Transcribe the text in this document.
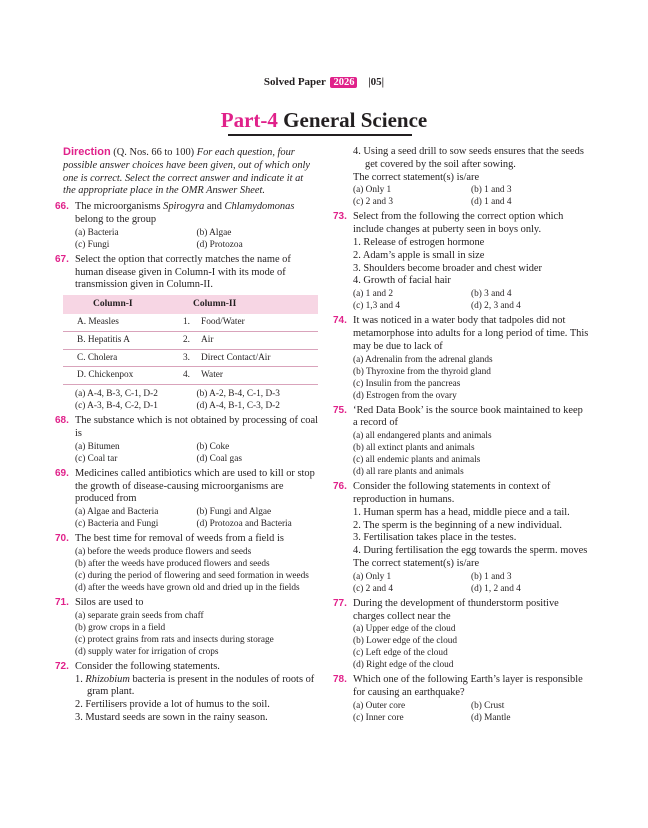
Solved Paper 2026 |05|
Part-4 General Science
Direction (Q. Nos. 66 to 100) For each question, four possible answer choices have been given, out of which only one is correct. Select the correct answer and indicate it at the appropriate place in the OMR Answer Sheet.
66. The microorganisms Spirogyra and Chlamydomonas belong to the group
(a) Bacteria	(b) Algae
(c) Fungi	(d) Protozoa
67. Select the option that correctly matches the name of human disease given in Column-I with its mode of transmission given in Column-II.
Column-I	Column-II	
A. Measles	1.	Food/Water
B. Hepatitis A	2.	Air
C. Cholera	3.	Direct Contact/Air
D. Chickenpox	4.	Water
(a) A-4, B-3, C-1, D-2	(b) A-2, B-4, C-1, D-3
(c) A-3, B-4, C-2, D-1	(d) A-4, B-1, C-3, D-2
68. The substance which is not obtained by processing of coal is
(a) Bitumen	(b) Coke
(c) Coal tar	(d) Coal gas
69. Medicines called antibiotics which are used to kill or stop the growth of disease-causing microorganisms are produced from
(a) Algae and Bacteria	(b) Fungi and Algae
(c) Bacteria and Fungi	(d) Protozoa and Bacteria
70. The best time for removal of weeds from a field is
(a) before the weeds produce flowers and seeds
(b) after the weeds have produced flowers and seeds
(c) during the period of flowering and seed formation in weeds
(d) after the weeds have grown old and dried up in the fields
71. Silos are used to
(a) separate grain seeds from chaff
(b) grow crops in a field
(c) protect grains from rats and insects during storage
(d) supply water for irrigation of crops
72. Consider the following statements.
1. Rhizobium bacteria is present in the nodules of roots of gram plant.
2. Fertilisers provide a lot of humus to the soil.
3. Mustard seeds are sown in the rainy season.
4. Using a seed drill to sow seeds ensures that the seeds get covered by the soil after sowing.
The correct statement(s) is/are
(a) Only 1	(b) 1 and 3
(c) 2 and 3	(d) 1 and 4
73. Select from the following the correct option which include changes at puberty seen in boys only.
1. Release of estrogen hormone
2. Adam’s apple is small in size
3. Shoulders become broader and chest wider
4. Growth of facial hair
(a) 1 and 2	(b) 3 and 4
(c) 1,3 and 4	(d) 2, 3 and 4
74. It was noticed in a water body that tadpoles did not metamorphose into adults for a long period of time. This may be due to lack of
(a) Adrenalin from the adrenal glands
(b) Thyroxine from the thyroid gland
(c) Insulin from the pancreas
(d) Estrogen from the ovary
75. ‘Red Data Book’ is the source book maintained to keep a record of
(a) all endangered plants and animals
(b) all extinct plants and animals
(c) all endemic plants and animals
(d) all rare plants and animals
76. Consider the following statements in context of reproduction in humans.
1. Human sperm has a head, middle piece and a tail.
2. The sperm is the beginning of a new individual.
3. Fertilisation takes place in the testes.
4. During fertilisation the egg towards the sperm. moves
The correct statement(s) is/are
(a) Only 1	(b) 1 and 3
(c) 2 and 4	(d) 1, 2 and 4
77. During the development of thunderstorm positive charges collect near the
(a) Upper edge of the cloud
(b) Lower edge of the cloud
(c) Left edge of the cloud
(d) Right edge of the cloud
78. Which one of the following Earth’s layer is responsible for causing an earthquake?
(a) Outer core	(b) Crust
(c) Inner core	(d) Mantle
